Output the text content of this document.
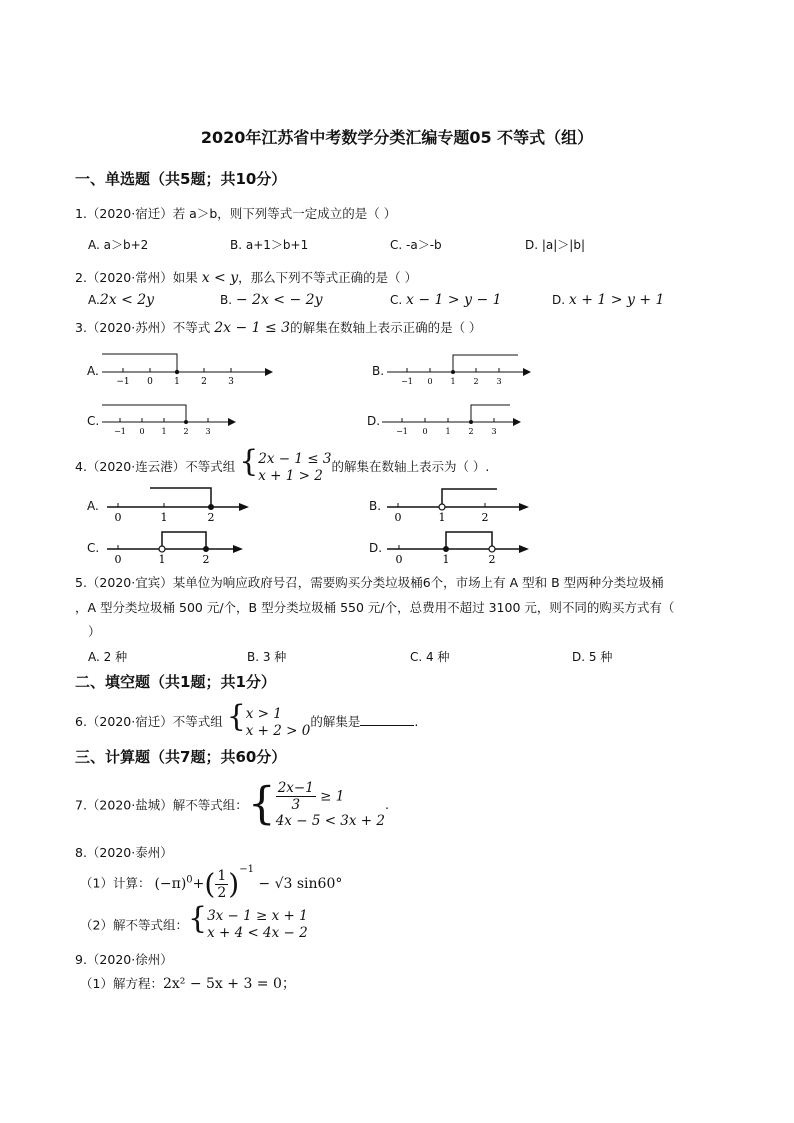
2020年江苏省中考数学分类汇编专题05 不等式（组）
一、单选题（共5题；共10分）
1.（2020·宿迁）若 a＞b，则下列等式一定成立的是（ ）
A. a＞b+2	B. a+1＞b+1	C. -a＞-b	D. |a|＞|b|
2.（2020·常州）如果 x < y，那么下列不等式正确的是（ ）
A.2x < 2y	B. − 2x < − 2y	C. x − 1 > y − 1	D. x + 1 > y + 1
3.（2020·苏州）不等式 2x − 1 ≤ 3的解集在数轴上表示正确的是（ ）
A.
−1 0 1 2 3
B.
−1 0 1 2 3
C.
−1 0 1 2 3
D.
−1 0 1 2 3
4.（2020·连云港）不等式组 {2x − 1 ≤ 3
x + 1 > 2的解集在数轴上表示为（ ）.
A.
0	1	2
B.
0	1	2
C.
0	1	2
D.
0	1	2
5.（2020·宜宾）某单位为响应政府号召，需要购买分类垃圾桶6个，市场上有 A 型和 B 型两种分类垃圾桶
，A 型分类垃圾桶 500 元/个，B 型分类垃圾桶 550 元/个，总费用不超过 3100 元，则不同的购买方式有（
）
A. 2 种	B. 3 种	C. 4 种	D. 5 种
二、填空题（共1题；共1分）
6.（2020·宿迁）不等式组 {x > 1
x + 2 > 0的解集是	.
三、计算题（共7题；共60分）
7.（2020·盐城）解不等式组：{ $\frac{2x-1}{3} \ge 1$
4x − 5 < 3x + 2.
8.（2020·泰州）
（1）计算： $(-\pi)^0+( \frac{1}{2} )^{-1} - √3$ sin60°
（2）解不等式组：{3x − 1 ≥ x + 1
x + 4 < 4x − 2
9.（2020·徐州）
（1）解方程：2x² − 5x + 3 = 0；
